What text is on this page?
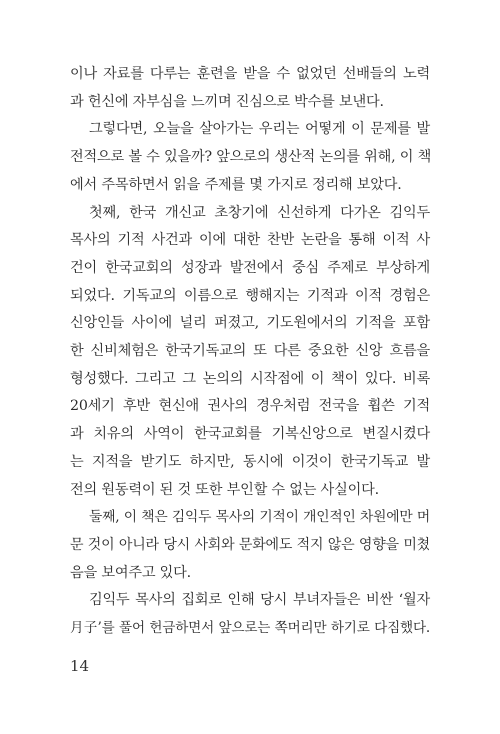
이나 자료를 다루는 훈련을 받을 수 없었던 선배들의 노력
과 헌신에 자부심을 느끼며 진심으로 박수를 보낸다.
그렇다면, 오늘을 살아가는 우리는 어떻게 이 문제를 발
전적으로 볼 수 있을까? 앞으로의 생산적 논의를 위해, 이 책
에서 주목하면서 읽을 주제를 몇 가지로 정리해 보았다.
첫째, 한국 개신교 초창기에 신선하게 다가온 김익두
목사의 기적 사건과 이에 대한 찬반 논란을 통해 이적 사
건이 한국교회의 성장과 발전에서 중심 주제로 부상하게
되었다. 기독교의 이름으로 행해지는 기적과 이적 경험은
신앙인들 사이에 널리 퍼졌고, 기도원에서의 기적을 포함
한 신비체험은 한국기독교의 또 다른 중요한 신앙 흐름을
형성했다. 그리고 그 논의의 시작점에 이 책이 있다. 비록
20세기 후반 현신애 권사의 경우처럼 전국을 휩쓴 기적
과 치유의 사역이 한국교회를 기복신앙으로 변질시켰다
는 지적을 받기도 하지만, 동시에 이것이 한국기독교 발
전의 원동력이 된 것 또한 부인할 수 없는 사실이다.
둘째, 이 책은 김익두 목사의 기적이 개인적인 차원에만 머
문 것이 아니라 당시 사회와 문화에도 적지 않은 영향을 미쳤
음을 보여주고 있다.
김익두 목사의 집회로 인해 당시 부녀자들은 비싼 ‘월자
月子’를 풀어 헌금하면서 앞으로는 쪽머리만 하기로 다짐했다.
14
